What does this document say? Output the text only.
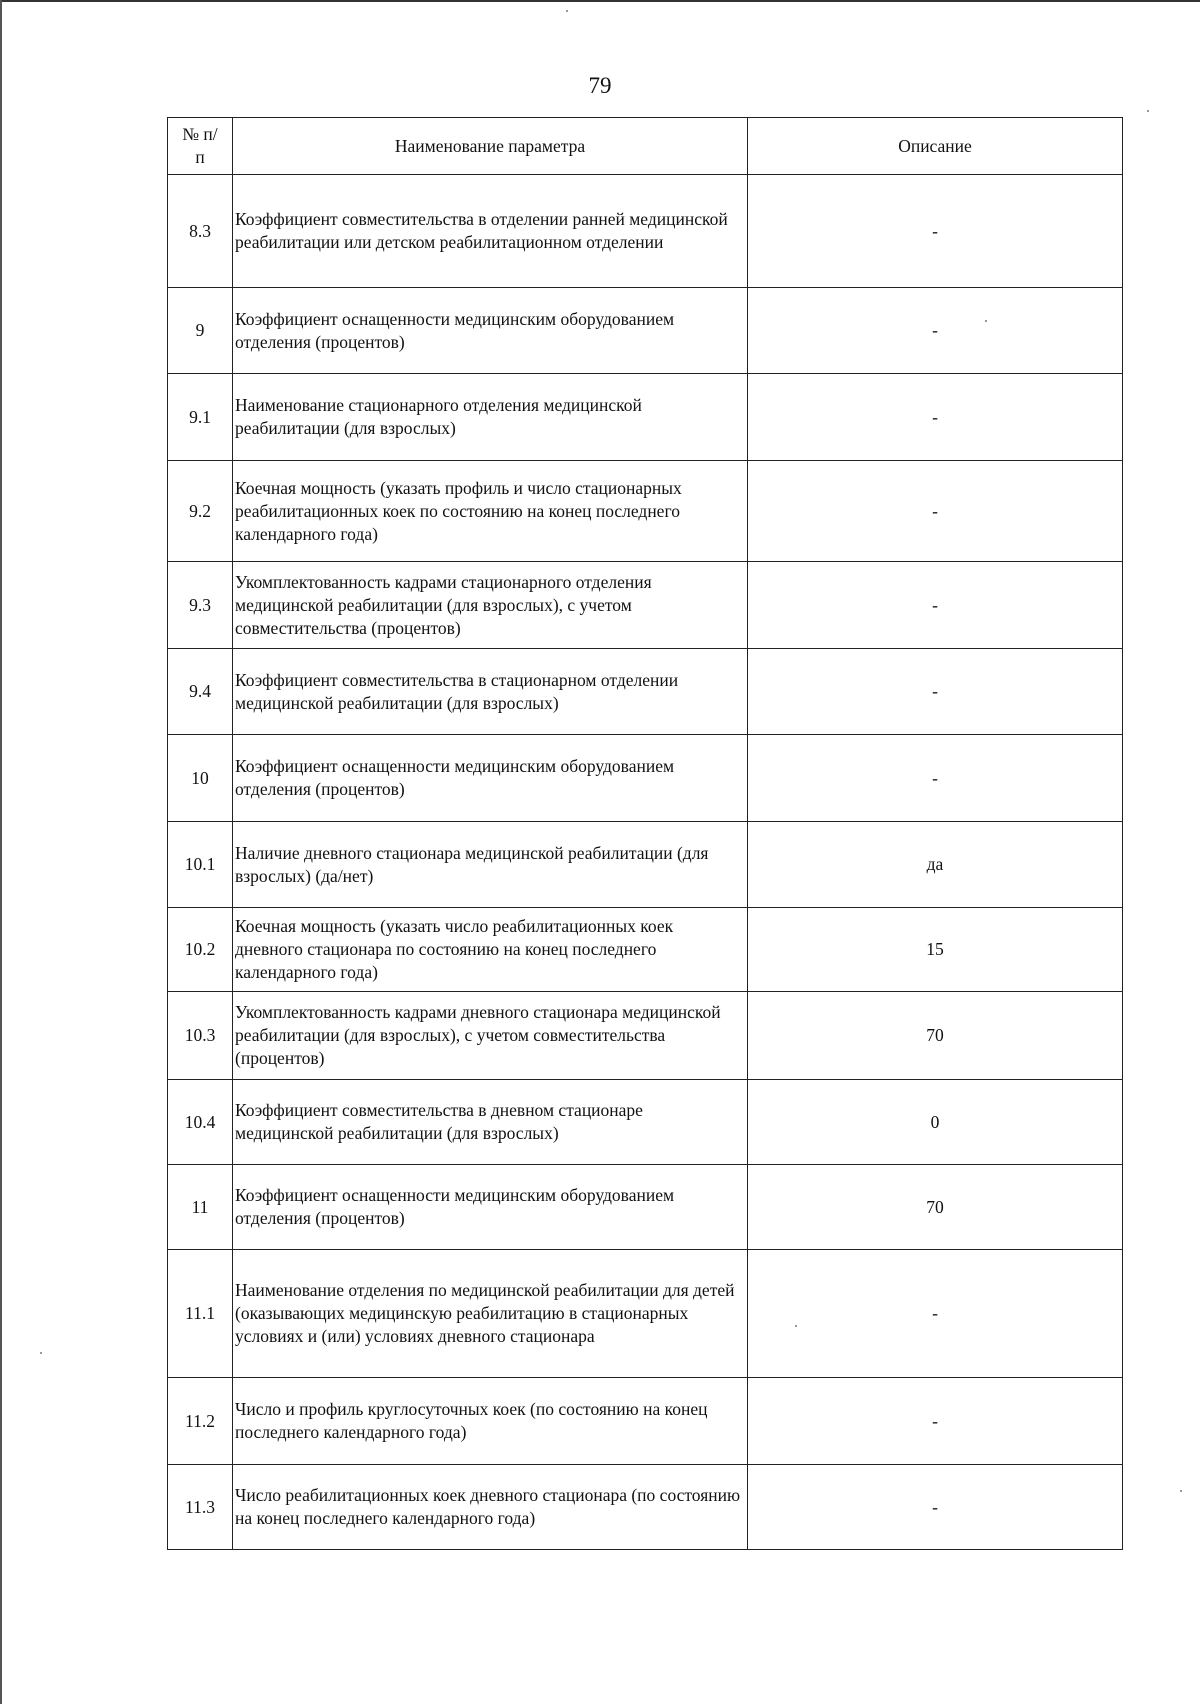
79
№ п/п	Наименование параметра	Описание
8.3	Коэффициент совместительства в отделении ранней медицинской реабилитации или детском реабилитационном отделении	-
9	Коэффициент оснащенности медицинским оборудованием отделения (процентов)	-
9.1	Наименование стационарного отделения медицинской реабилитации (для взрослых)	-
9.2	Коечная мощность (указать профиль и число стационарных реабилитационных коек по состоянию на конец последнего календарного года)	-
9.3	Укомплектованность кадрами стационарного отделения медицинской реабилитации (для взрослых), с учетом совместительства (процентов)	-
9.4	Коэффициент совместительства в стационарном отделении медицинской реабилитации (для взрослых)	-
10	Коэффициент оснащенности медицинским оборудованием отделения (процентов)	-
10.1	Наличие дневного стационара медицинской реабилитации (для взрослых) (да/нет)	да
10.2	Коечная мощность (указать число реабилитационных коек дневного стационара по состоянию на конец последнего календарного года)	15
10.3	Укомплектованность кадрами дневного стационара медицинской реабилитации (для взрослых), с учетом совместительства (процентов)	70
10.4	Коэффициент совместительства в дневном стационаре медицинской реабилитации (для взрослых)	0
11	Коэффициент оснащенности медицинским оборудованием отделения (процентов)	70
11.1	Наименование отделения по медицинской реабилитации для детей (оказывающих медицинскую реабилитацию в стационарных условиях и (или) условиях дневного стационара	-
11.2	Число и профиль круглосуточных коек (по состоянию на конец последнего календарного года)	-
11.3	Число реабилитационных коек дневного стационара (по состоянию на конец последнего календарного года)	-
